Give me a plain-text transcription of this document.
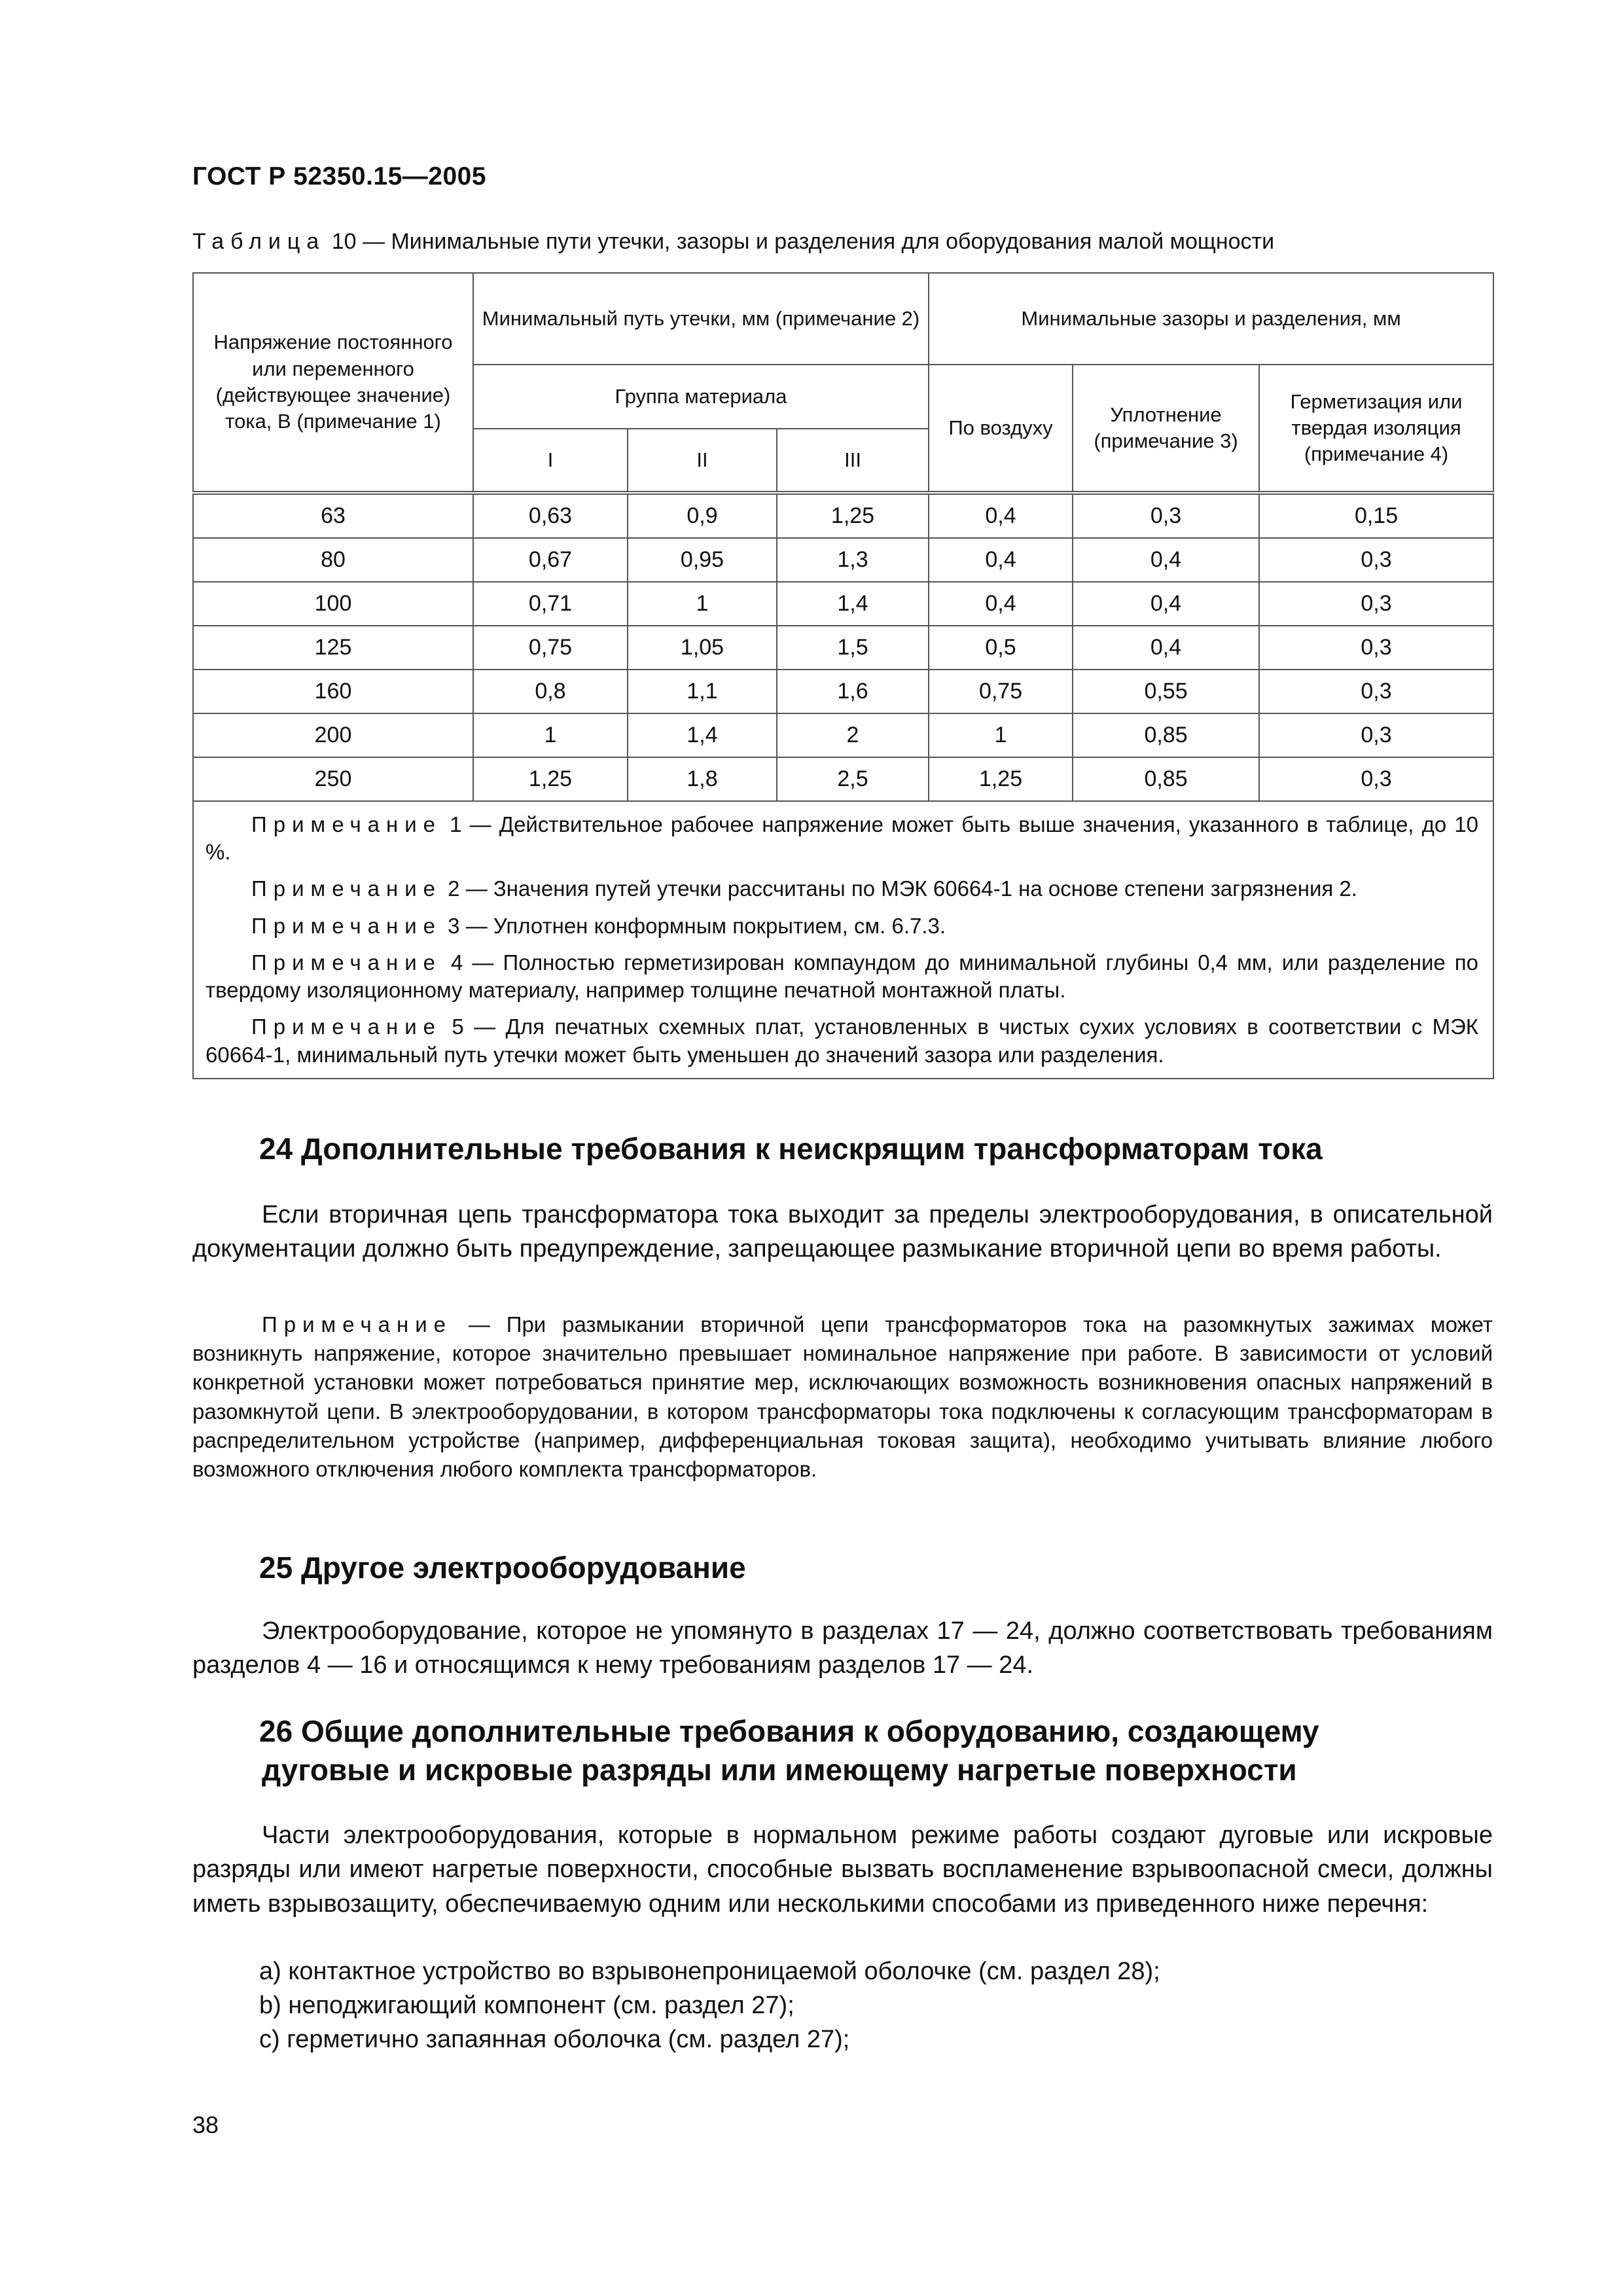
ГОСТ Р 52350.15—2005
Таблица 10 — Минимальные пути утечки, зазоры и разделения для оборудования малой мощности
Напряжение постоянного или переменного (действующее значение) тока, В (примечание 1)	Минимальный путь утечки, мм (примечание 2)			Минимальные зазоры и разделения, мм		
	Группа материала			По воздуху	Уплотнение (примечание 3)	Герметизация или твердая изоляция (примечание 4)
	I	II	III			
63	0,63	0,9	1,25	0,4	0,3	0,15
80	0,67	0,95	1,3	0,4	0,4	0,3
100	0,71	1	1,4	0,4	0,4	0,3
125	0,75	1,05	1,5	0,5	0,4	0,3
160	0,8	1,1	1,6	0,75	0,55	0,3
200	1	1,4	2	1	0,85	0,3
250	1,25	1,8	2,5	1,25	0,85	0,3

Примечание 1 — Действительное рабочее напряжение может быть выше значения, указанного в таблице, до 10 %.
Примечание 2 — Значения путей утечки рассчитаны по МЭК 60664-1 на основе степени загрязнения 2.
Примечание 3 — Уплотнен конформным покрытием, см. 6.7.3.
Примечание 4 — Полностью герметизирован компаундом до минимальной глубины 0,4 мм, или разделение по твердому изоляционному материалу, например толщине печатной монтажной платы.
Примечание 5 — Для печатных схемных плат, установленных в чистых сухих условиях в соответствии с МЭК 60664-1, минимальный путь утечки может быть уменьшен до значений зазора или разделения.						
24 Дополнительные требования к неискрящим трансформаторам тока
Если вторичная цепь трансформатора тока выходит за пределы электрооборудования, в описательной документации должно быть предупреждение, запрещающее размыкание вторичной цепи во время работы.
Примечание — При размыкании вторичной цепи трансформаторов тока на разомкнутых зажимах может возникнуть напряжение, которое значительно превышает номинальное напряжение при работе. В зависимости от условий конкретной установки может потребоваться принятие мер, исключающих возможность возникновения опасных напряжений в разомкнутой цепи. В электрооборудовании, в котором трансформаторы тока подключены к согласующим трансформаторам в распределительном устройстве (например, дифференциальная токовая защита), необходимо учитывать влияние любого возможного отключения любого комплекта трансформаторов.
25 Другое электрооборудование
Электрооборудование, которое не упомянуто в разделах 17 — 24, должно соответствовать требованиям разделов 4 — 16 и относящимся к нему требованиям разделов 17 — 24.
26 Общие дополнительные требования к оборудованию, создающему
дуговые и искровые разряды или имеющему нагретые поверхности
Части электрооборудования, которые в нормальном режиме работы создают дуговые или искровые разряды или имеют нагретые поверхности, способные вызвать воспламенение взрывоопасной смеси, должны иметь взрывозащиту, обеспечиваемую одним или несколькими способами из приведенного ниже перечня:
a) контактное устройство во взрывонепроницаемой оболочке (см. раздел 28);
b) неподжигающий компонент (см. раздел 27);
c) герметично запаянная оболочка (см. раздел 27);
38
